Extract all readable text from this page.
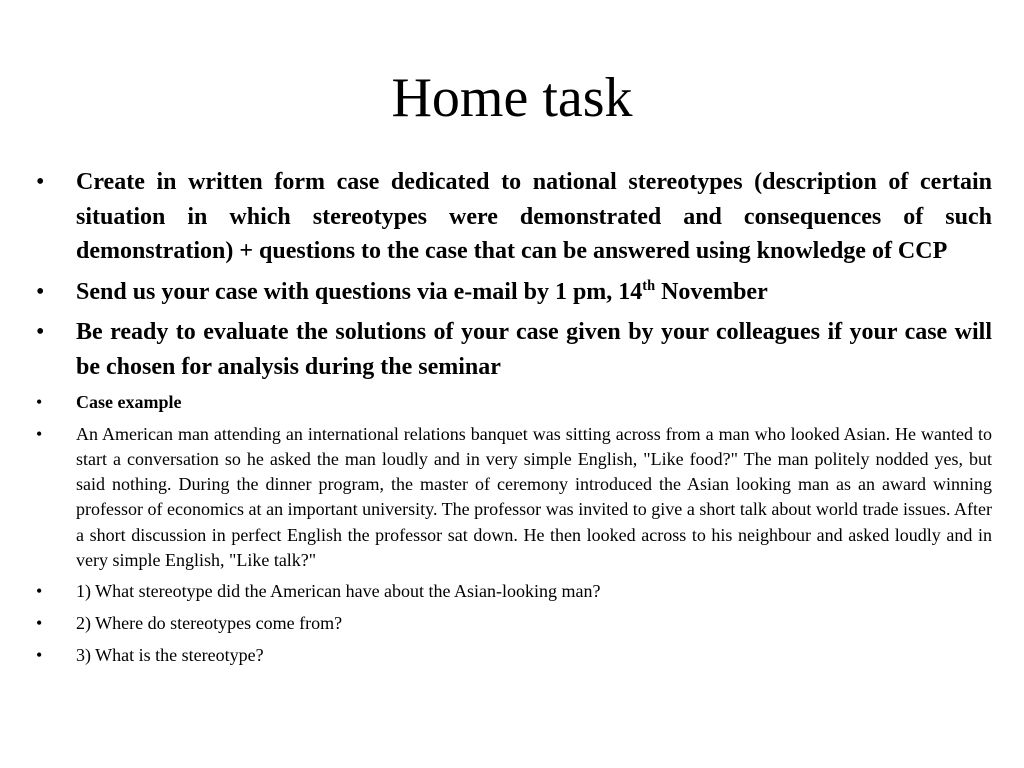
Home task
• Create in written form case dedicated to national stereotypes (description of certain situation in which stereotypes were demonstrated and consequences of such demonstration) + questions to the case that can be answered using knowledge of CCP
• Send us your case with questions via e-mail by 1 pm, 14th November
• Be ready to evaluate the solutions of your case given by your colleagues if your case will be chosen for analysis during the seminar
• Case example
• An American man attending an international relations banquet was sitting across from a man who looked Asian. He wanted to start a conversation so he asked the man loudly and in very simple English, "Like food?" The man politely nodded yes, but said nothing. During the dinner program, the master of ceremony introduced the Asian looking man as an award winning professor of economics at an important university. The professor was invited to give a short talk about world trade issues. After a short discussion in perfect English the professor sat down. He then looked across to his neighbour and asked loudly and in very simple English, "Like talk?"
• 1) What stereotype did the American have about the Asian-looking man?
• 2) Where do stereotypes come from?
• 3) What is the stereotype?
